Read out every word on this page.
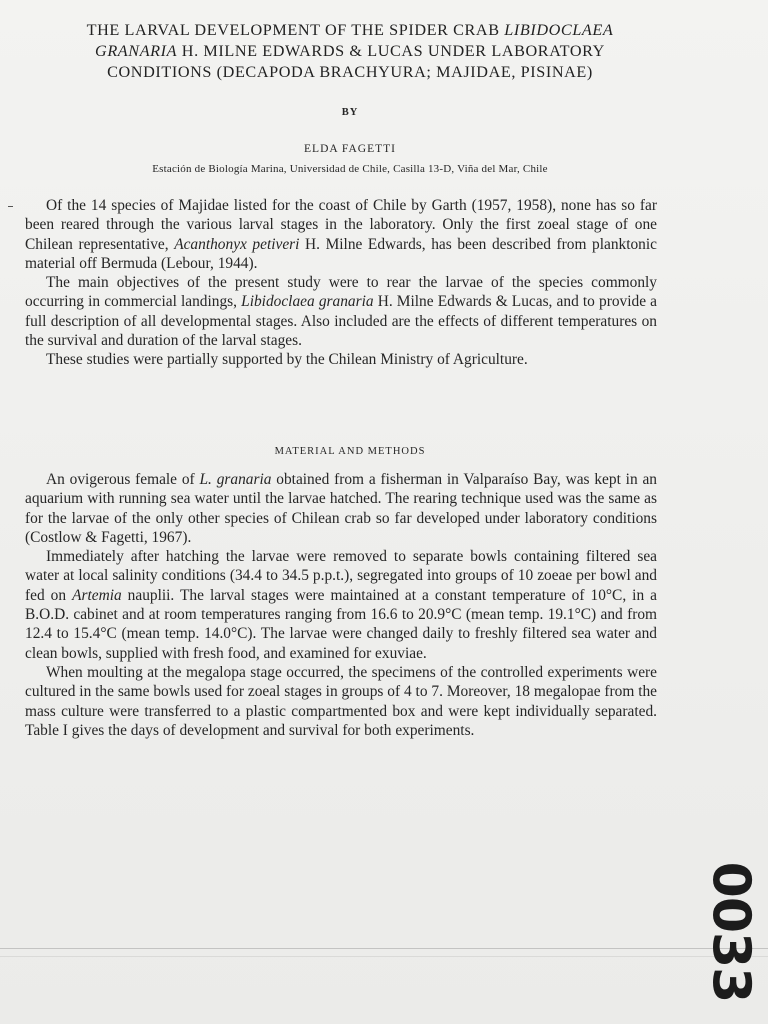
THE LARVAL DEVELOPMENT OF THE SPIDER CRAB LIBIDOCLAEA
GRANARIA H. MILNE EDWARDS & LUCAS UNDER LABORATORY
CONDITIONS (DECAPODA BRACHYURA; MAJIDAE, PISINAE)
BY
ELDA FAGETTI
Estación de Biología Marina, Universidad de Chile, Casilla 13-D, Viña del Mar, Chile

Of the 14 species of Majidae listed for the coast of Chile by Garth (1957, 1958), none has so far been reared through the various larval stages in the laboratory. Only the first zoeal stage of one Chilean representative, Acanthonyx petiveri H. Milne Edwards, has been described from planktonic material off Bermuda (Lebour, 1944).

The main objectives of the present study were to rear the larvae of the species commonly occurring in commercial landings, Libidoclaea granaria H. Milne Edwards & Lucas, and to provide a full description of all developmental stages. Also included are the effects of different temperatures on the survival and duration of the larval stages.

These studies were partially supported by the Chilean Ministry of Agriculture.

MATERIAL AND METHODS

An ovigerous female of L. granaria obtained from a fisherman in Valparaíso Bay, was kept in an aquarium with running sea water until the larvae hatched. The rearing technique used was the same as for the larvae of the only other species of Chilean crab so far developed under laboratory conditions (Costlow & Fagetti, 1967).

Immediately after hatching the larvae were removed to separate bowls containing filtered sea water at local salinity conditions (34.4 to 34.5 p.p.t.), segregated into groups of 10 zoeae per bowl and fed on Artemia nauplii. The larval stages were maintained at a constant temperature of 10°C, in a B.O.D. cabinet and at room temperatures ranging from 16.6 to 20.9°C (mean temp. 19.1°C) and from 12.4 to 15.4°C (mean temp. 14.0°C). The larvae were changed daily to freshly filtered sea water and clean bowls, supplied with fresh food, and examined for exuviae.

When moulting at the megalopa stage occurred, the specimens of the controlled experiments were cultured in the same bowls used for zoeal stages in groups of 4 to 7. Moreover, 18 megalopae from the mass culture were transferred to a plastic compartmented box and were kept individually separated. Table I gives the days of development and survival for both experiments.

0033
